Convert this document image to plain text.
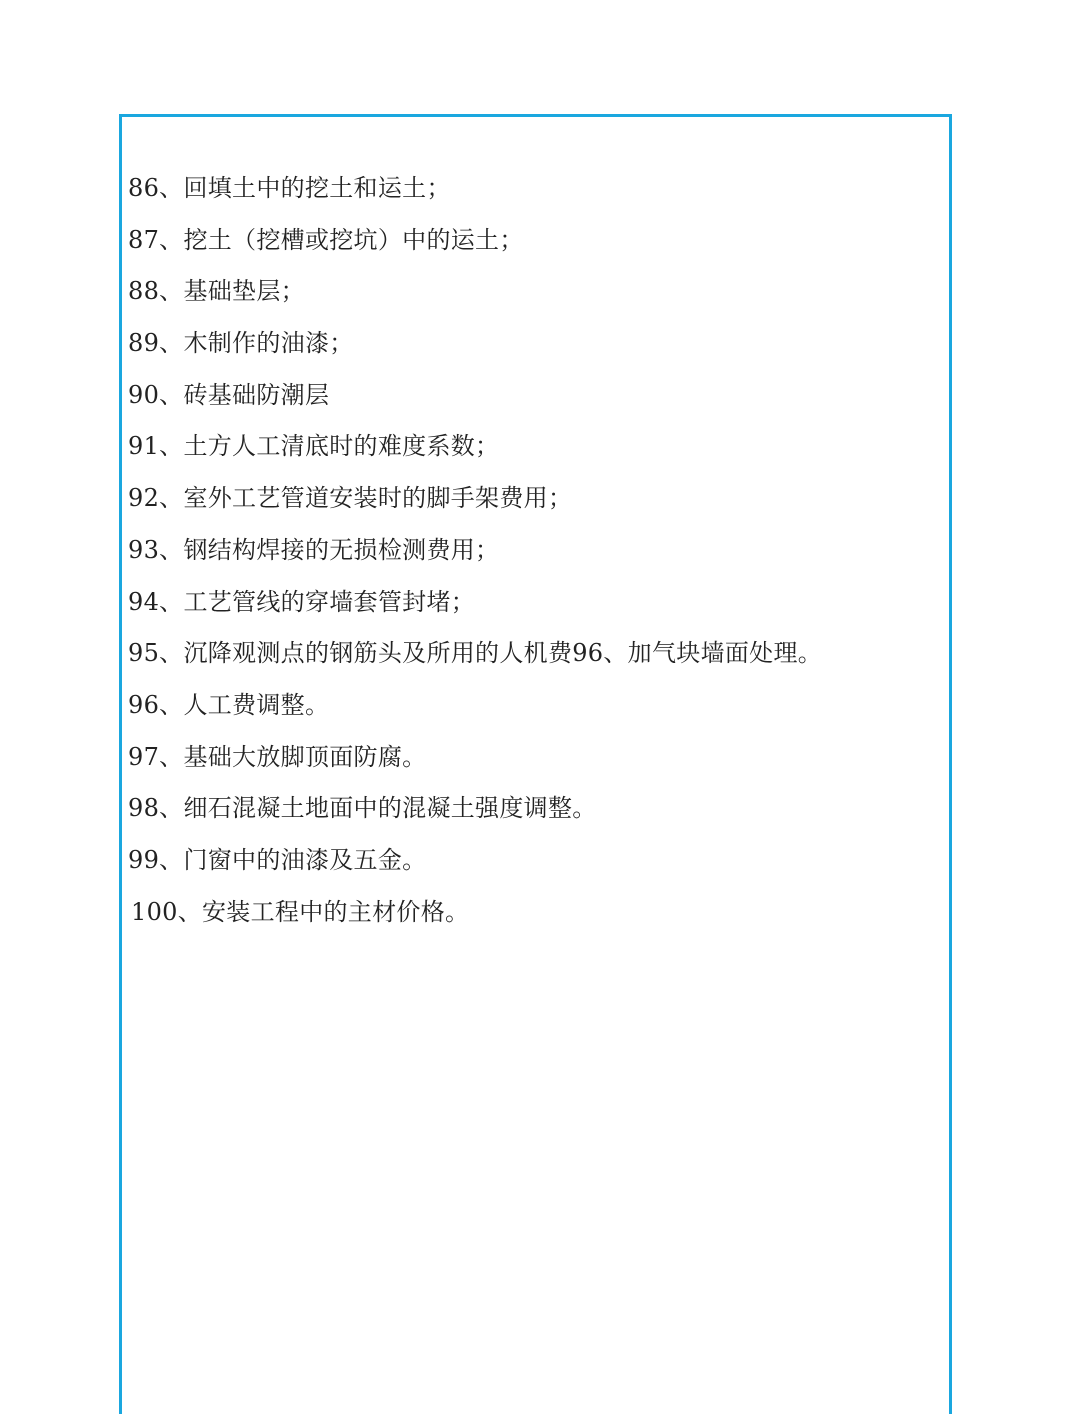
86、回填土中的挖土和运土；
87、挖土（挖槽或挖坑）中的运土；
88、基础垫层；
89、木制作的油漆；
90、砖基础防潮层
91、土方人工清底时的难度系数；
92、室外工艺管道安装时的脚手架费用；
93、钢结构焊接的无损检测费用；
94、工艺管线的穿墙套管封堵；
95、沉降观测点的钢筋头及所用的人机费96、加气块墙面处理。
96、人工费调整。
97、基础大放脚顶面防腐。
98、细石混凝土地面中的混凝土强度调整。
99、门窗中的油漆及五金。
100、安装工程中的主材价格。
